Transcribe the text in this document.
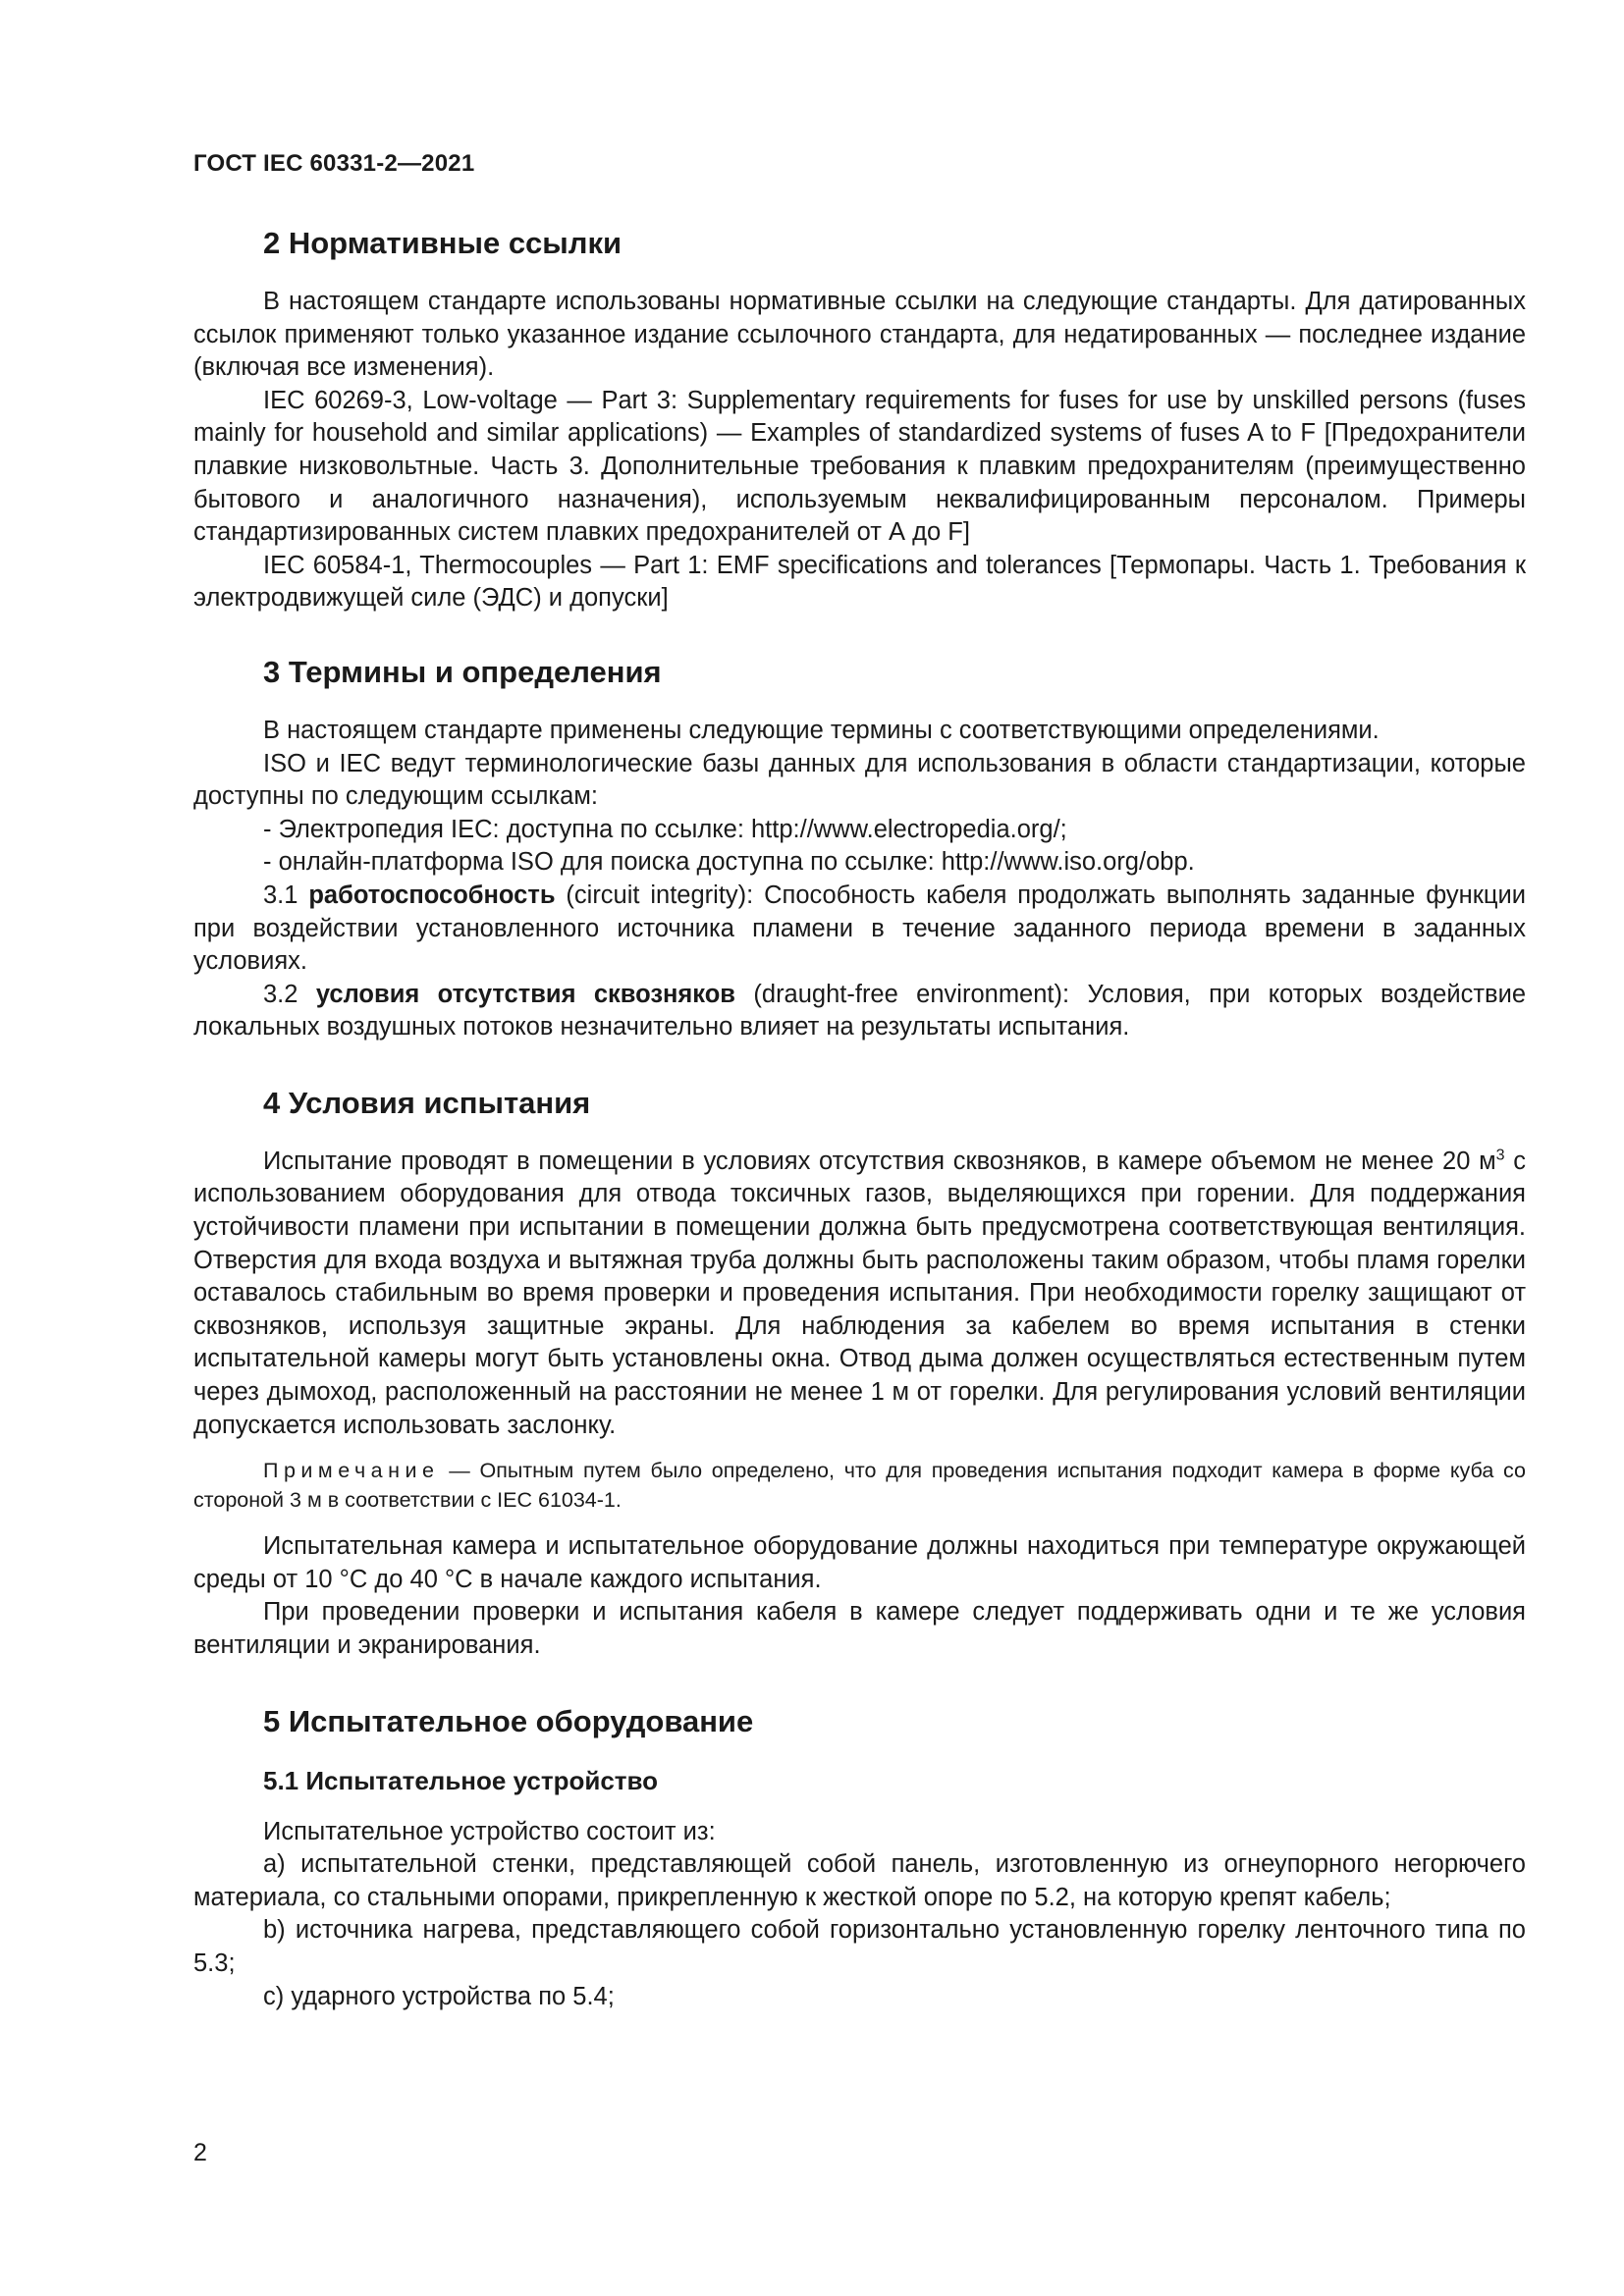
ГОСТ IEC 60331-2—2021
2 Нормативные ссылки

В настоящем стандарте использованы нормативные ссылки на следующие стандарты. Для датированных ссылок применяют только указанное издание ссылочного стандарта, для недатированных — последнее издание (включая все изменения).

IEC 60269-3, Low-voltage — Part 3: Supplementary requirements for fuses for use by unskilled persons (fuses mainly for household and similar applications) — Examples of standardized systems of fuses A to F [Предохранители плавкие низковольтные. Часть 3. Дополнительные требования к плавким предохранителям (преимущественно бытового и аналогичного назначения), используемым неквалифицированным персоналом. Примеры стандартизированных систем плавких предохранителей от А до F]

IEC 60584-1, Thermocouples — Part 1: EMF specifications and tolerances [Термопары. Часть 1. Требования к электродвижущей силе (ЭДС) и допуски]

3 Термины и определения

В настоящем стандарте применены следующие термины с соответствующими определениями.

ISO и IEC ведут терминологические базы данных для использования в области стандартизации, которые доступны по следующим ссылкам:

- Электропедия IEC: доступна по ссылке: http://www.electropedia.org/;

- онлайн-платформа ISO для поиска доступна по ссылке: http://www.iso.org/obp.

3.1 работоспособность (circuit integrity): Способность кабеля продолжать выполнять заданные функции при воздействии установленного источника пламени в течение заданного периода времени в заданных условиях.

3.2 условия отсутствия сквозняков (draught-free environment): Условия, при которых воздействие локальных воздушных потоков незначительно влияет на результаты испытания.

4 Условия испытания

Испытание проводят в помещении в условиях отсутствия сквозняков, в камере объемом не менее 20 $м^3$ с использованием оборудования для отвода токсичных газов, выделяющихся при горении. Для поддержания устойчивости пламени при испытании в помещении должна быть предусмотрена соответствующая вентиляция. Отверстия для входа воздуха и вытяжная труба должны быть расположены таким образом, чтобы пламя горелки оставалось стабильным во время проверки и проведения испытания. При необходимости горелку защищают от сквозняков, используя защитные экраны. Для наблюдения за кабелем во время испытания в стенки испытательной камеры могут быть установлены окна. Отвод дыма должен осуществляться естественным путем через дымоход, расположенный на расстоянии не менее 1 м от горелки. Для регулирования условий вентиляции допускается использовать заслонку.

Примечание — Опытным путем было определено, что для проведения испытания подходит камера в форме куба со стороной 3 м в соответствии с IEC 61034-1.

Испытательная камера и испытательное оборудование должны находиться при температуре окружающей среды от 10 °С до 40 °С в начале каждого испытания.

При проведении проверки и испытания кабеля в камере следует поддерживать одни и те же условия вентиляции и экранирования.

5 Испытательное оборудование
5.1 Испытательное устройство

Испытательное устройство состоит из:

a) испытательной стенки, представляющей собой панель, изготовленную из огнеупорного негорючего материала, со стальными опорами, прикрепленную к жесткой опоре по 5.2, на которую крепят кабель;

b) источника нагрева, представляющего собой горизонтально установленную горелку ленточного типа по 5.3;

c) ударного устройства по 5.4;

2
